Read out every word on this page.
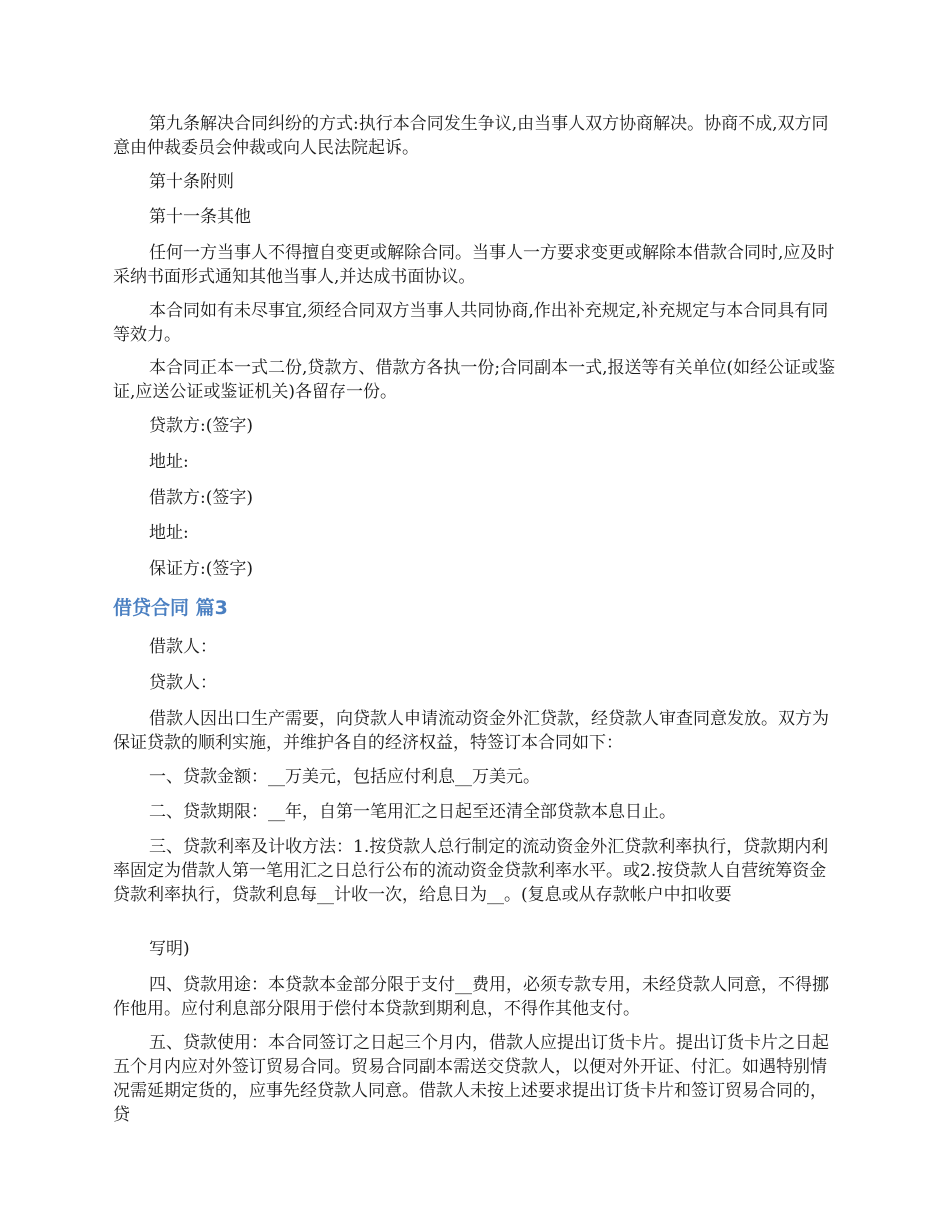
第九条解决合同纠纷的方式:执行本合同发生争议,由当事人双方协商解决。协商不成,双方同意由仲裁委员会仲裁或向人民法院起诉。

第十条附则

第十一条其他

任何一方当事人不得擅自变更或解除合同。当事人一方要求变更或解除本借款合同时,应及时采纳书面形式通知其他当事人,并达成书面协议。

本合同如有未尽事宜,须经合同双方当事人共同协商,作出补充规定,补充规定与本合同具有同等效力。

本合同正本一式二份,贷款方、借款方各执一份;合同副本一式,报送等有关单位(如经公证或鉴证,应送公证或鉴证机关)各留存一份。

贷款方:(签字)

地址:

借款方:(签字)

地址:

保证方:(签字)

借贷合同 篇3

借款人：

贷款人：

借款人因出口生产需要，向贷款人申请流动资金外汇贷款，经贷款人审查同意发放。双方为保证贷款的顺利实施，并维护各自的经济权益，特签订本合同如下：

一、贷款金额：__万美元，包括应付利息__万美元。

二、贷款期限：__年，自第一笔用汇之日起至还清全部贷款本息日止。

三、贷款利率及计收方法：1.按贷款人总行制定的流动资金外汇贷款利率执行，贷款期内利率固定为借款人第一笔用汇之日总行公布的流动资金贷款利率水平。或2.按贷款人自营统筹资金贷款利率执行，贷款利息每__计收一次，给息日为__。(复息或从存款帐户中扣收要

写明)

四、贷款用途：本贷款本金部分限于支付__费用，必须专款专用，未经贷款人同意，不得挪作他用。应付利息部分限用于偿付本贷款到期利息，不得作其他支付。

五、贷款使用：本合同签订之日起三个月内，借款人应提出订货卡片。提出订货卡片之日起五个月内应对外签订贸易合同。贸易合同副本需送交贷款人，以便对外开证、付汇。如遇特别情况需延期定货的，应事先经贷款人同意。借款人未按上述要求提出订货卡片和签订贸易合同的，贷
